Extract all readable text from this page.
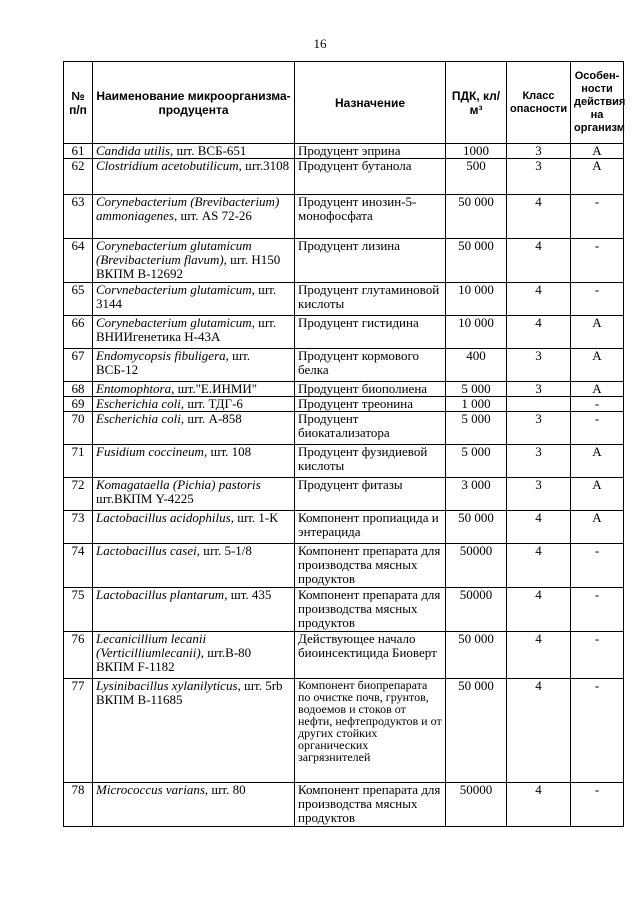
16
№ п/п	Наименование микроорганизма-продуцента	Назначение	ПДК, кл/м³	Класс опасности	Особен-ности действия на организм
61	Candida utilis, шт. ВСБ-651	Продуцент эприна	1000	3	А
62	Clostridium acetobutilicum, шт.3108	Продуцент бутанола	500	3	А
63	Corynebacterium (Brevibacterium) ammoniagenes, шт. AS 72-26	Продуцент инозин-5-монофосфата	50 000	4	-
64	Corynebacterium glutamicum (Brevibacterium flavum), шт. Н150 ВКПМ В-12692	Продуцент лизина	50 000	4	-
65	Corvnebacterium glutamicum, шт. 3144	Продуцент глутаминовой кислоты	10 000	4	-
66	Corynebacterium glutamicum, шт. ВНИИгенетика Н-43А	Продуцент гистидина	10 000	4	А
67	Endomycopsis fibuligera, шт. ВСБ-12	Продуцент кормового белка	400	3	А
68	Entomophtora, шт."Е.ИНМИ"	Продуцент биополиена	5 000	3	А
69	Escherichia coli, шт. ТДГ-6	Продуцент треонина	1 000		-
70	Escherichia coli, шт. А-858	Продуцент биокатализатора	5 000	3	-
71	Fusidium coccineum, шт. 108	Продуцент фузидиевой кислоты	5 000	3	А
72	Komagataella (Pichia) pastoris шт.ВКПМ Y-4225	Продуцент фитазы	3 000	3	А
73	Lactobacillus acidophilus, шт. 1-К	Компонент пропиацида и энтерацида	50 000	4	А
74	Lactobacillus casei, шт. 5-1/8	Компонент препарата для производства мясных продуктов	50000	4	-
75	Lactobacillus plantarum, шт. 435	Компонент препарата для производства мясных продуктов	50000	4	-
76	Lecanicillium lecanii (Verticilliumlecanii), шт.В-80 ВКПМ F-1182	Действующее начало биоинсектицида Биоверт	50 000	4	-
77	Lysinibacillus xylanilyticus, шт. 5rb ВКПМ В-11685	Компонент биопрепарата по очистке почв, грунтов, водоемов и стоков от нефти, нефтепродуктов и от других стойких органических загрязнителей	50 000	4	-
78	Micrococcus varians, шт. 80	Компонент препарата для производства мясных продуктов	50000	4	-
